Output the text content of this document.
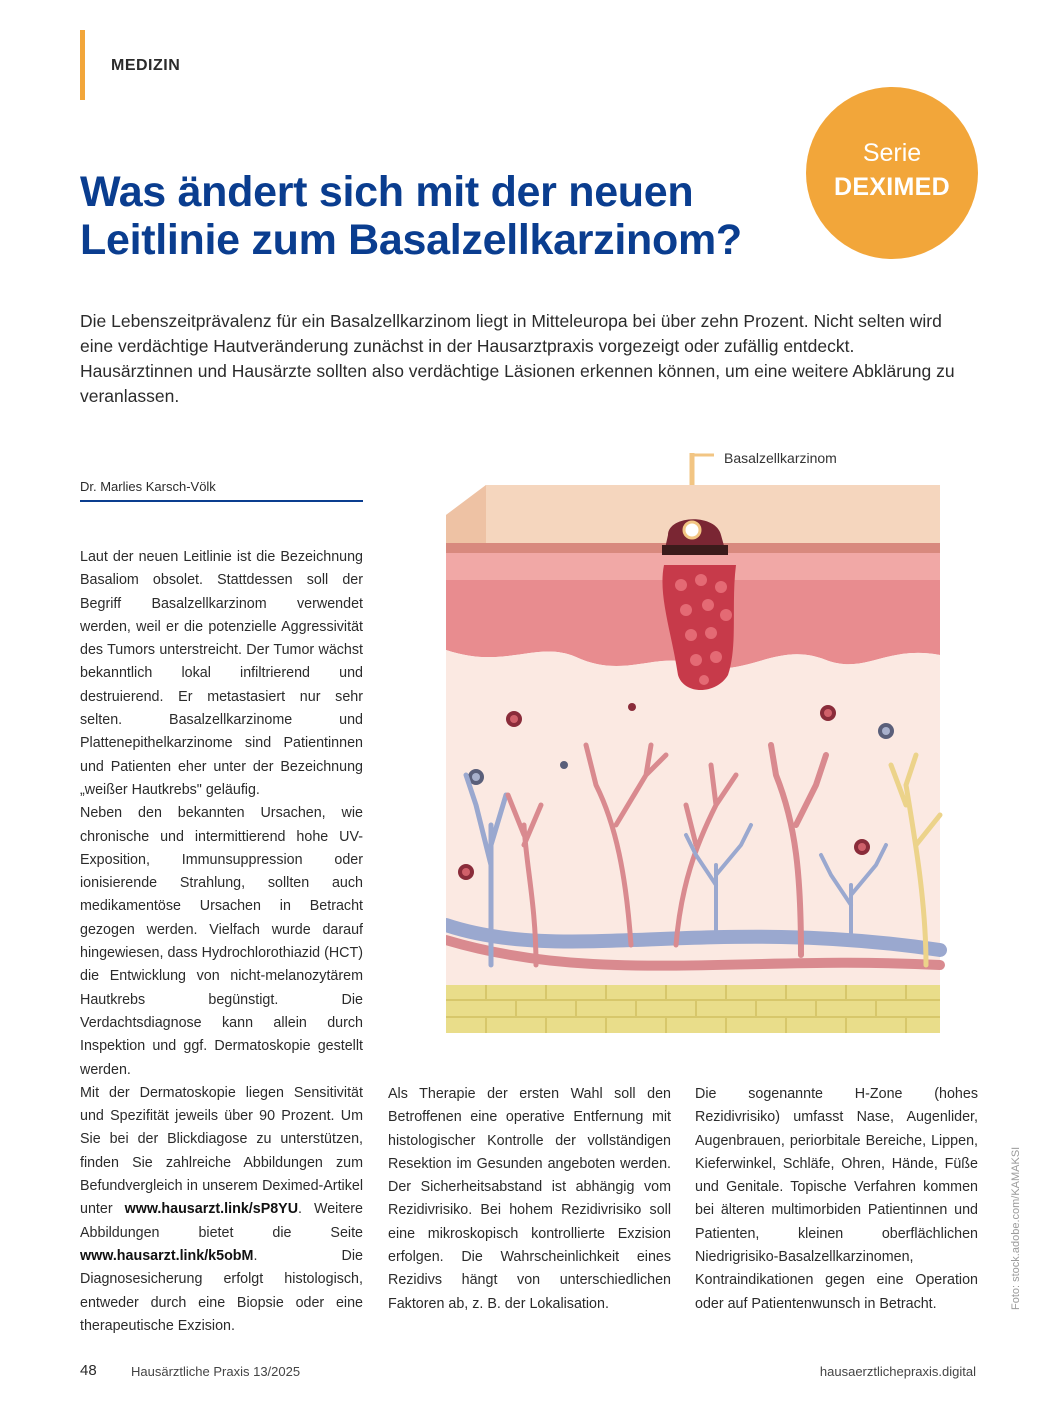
MEDIZIN
Serie
DEXIMED
Was ändert sich mit der neuen Leitlinie zum Basalzellkarzinom?

Die Lebenszeitprävalenz für ein Basalzellkarzinom liegt in Mitteleuropa bei über zehn Prozent. Nicht selten wird eine verdächtige Hautveränderung zunächst in der Hausarztpraxis vorgezeigt oder zufällig entdeckt. Hausärztinnen und Hausärzte sollten also verdächtige Läsionen erkennen können, um eine weitere Abklärung zu veranlassen.

Dr. Marlies Karsch-Völk

Laut der neuen Leitlinie ist die Bezeichnung Basaliom obsolet. Stattdessen soll der Begriff Basalzellkarzinom verwendet werden, weil er die potenzielle Aggressivität des Tumors unterstreicht. Der Tumor wächst bekanntlich lokal infiltrierend und destruierend. Er metastasiert nur sehr selten. Basalzellkarzinome und Plattenepithelkarzinome sind Patientinnen und Patienten eher unter der Bezeichnung „weißer Hautkrebs" geläufig.

Neben den bekannten Ursachen, wie chronische und intermittierend hohe UV-Exposition, Immunsuppression oder ionisierende Strahlung, sollten auch medikamentöse Ursachen in Betracht gezogen werden. Vielfach wurde darauf hingewiesen, dass Hydrochlorothiazid (HCT) die Entwicklung von nicht-melanozytärem Hautkrebs begünstigt. Die Verdachtsdiagnose kann allein durch Inspektion und ggf. Dermatoskopie gestellt werden.

Mit der Dermatoskopie liegen Sensitivität und Spezifität jeweils über 90 Prozent. Um Sie bei der Blickdiagose zu unterstützen, finden Sie zahlreiche Abbildungen zum Befundvergleich in unserem Deximed-Artikel unter www.hausarzt.link/sP8YU. Weitere Abbildungen bietet die Seite www.hausarzt.link/k5obM. Die Diagnosesicherung erfolgt histologisch, entweder durch eine Biopsie oder eine therapeutische Exzision.

Basalzellkarzinom
Foto: stock.adobe.com/KAMAKSI

Als Therapie der ersten Wahl soll den Betroffenen eine operative Entfernung mit histologischer Kontrolle der vollständigen Resektion im Gesunden angeboten werden. Der Sicherheitsabstand ist abhängig vom Rezidivrisiko. Bei hohem Rezidivrisiko soll eine mikroskopisch kontrollierte Exzision erfolgen. Die Wahrscheinlichkeit eines Rezidivs hängt von unterschiedlichen Faktoren ab, z. B. der Lokalisation.

Die sogenannte H-Zone (hohes Rezidivrisiko) umfasst Nase, Augenlider, Augenbrauen, periorbitale Bereiche, Lippen, Kieferwinkel, Schläfe, Ohren, Hände, Füße und Genitale. Topische Verfahren kommen bei älteren multimorbiden Patientinnen und Patienten, kleinen oberflächlichen Niedrigrisiko-Basalzellkarzinomen, Kontraindikationen gegen eine Operation oder auf Patientenwunsch in Betracht.

48	Hausärztliche Praxis 13/2025	hausaerztlichepraxis.digital
